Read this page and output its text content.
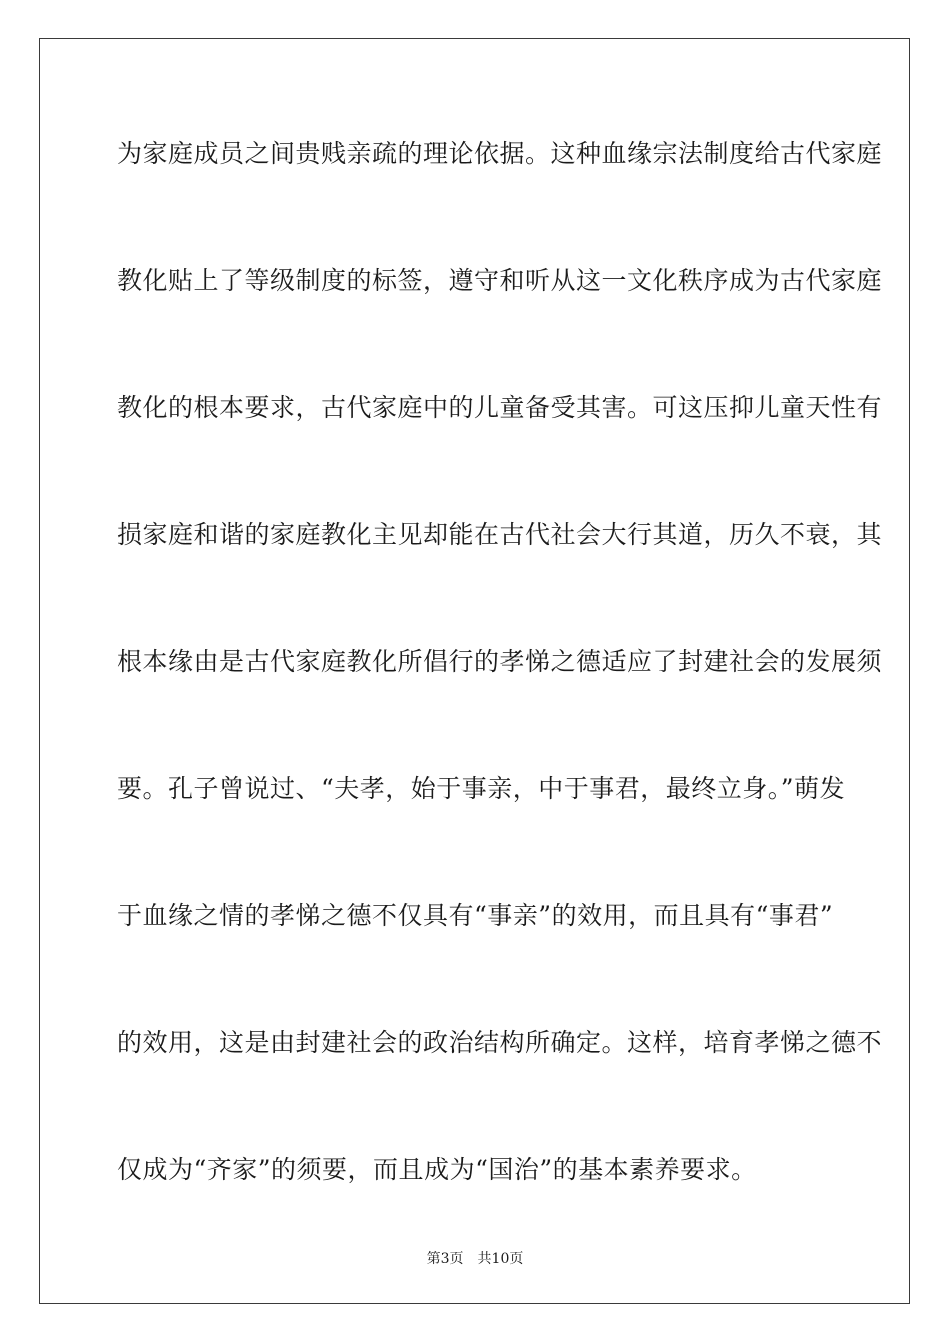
为家庭成员之间贵贱亲疏的理论依据。这种血缘宗法制度给古代家庭
教化贴上了等级制度的标签，遵守和听从这一文化秩序成为古代家庭
教化的根本要求，古代家庭中的儿童备受其害。可这压抑儿童天性有
损家庭和谐的家庭教化主见却能在古代社会大行其道，历久不衰，其
根本缘由是古代家庭教化所倡行的孝悌之德适应了封建社会的发展须
要。孔子曾说过、“夫孝，始于事亲，中于事君，最终立身。”萌发
于血缘之情的孝悌之德不仅具有“事亲”的效用，而且具有“事君”
的效用，这是由封建社会的政治结构所确定。这样，培育孝悌之德不
仅成为“齐家”的须要，而且成为“国治”的基本素养要求。
第3页 共10页
